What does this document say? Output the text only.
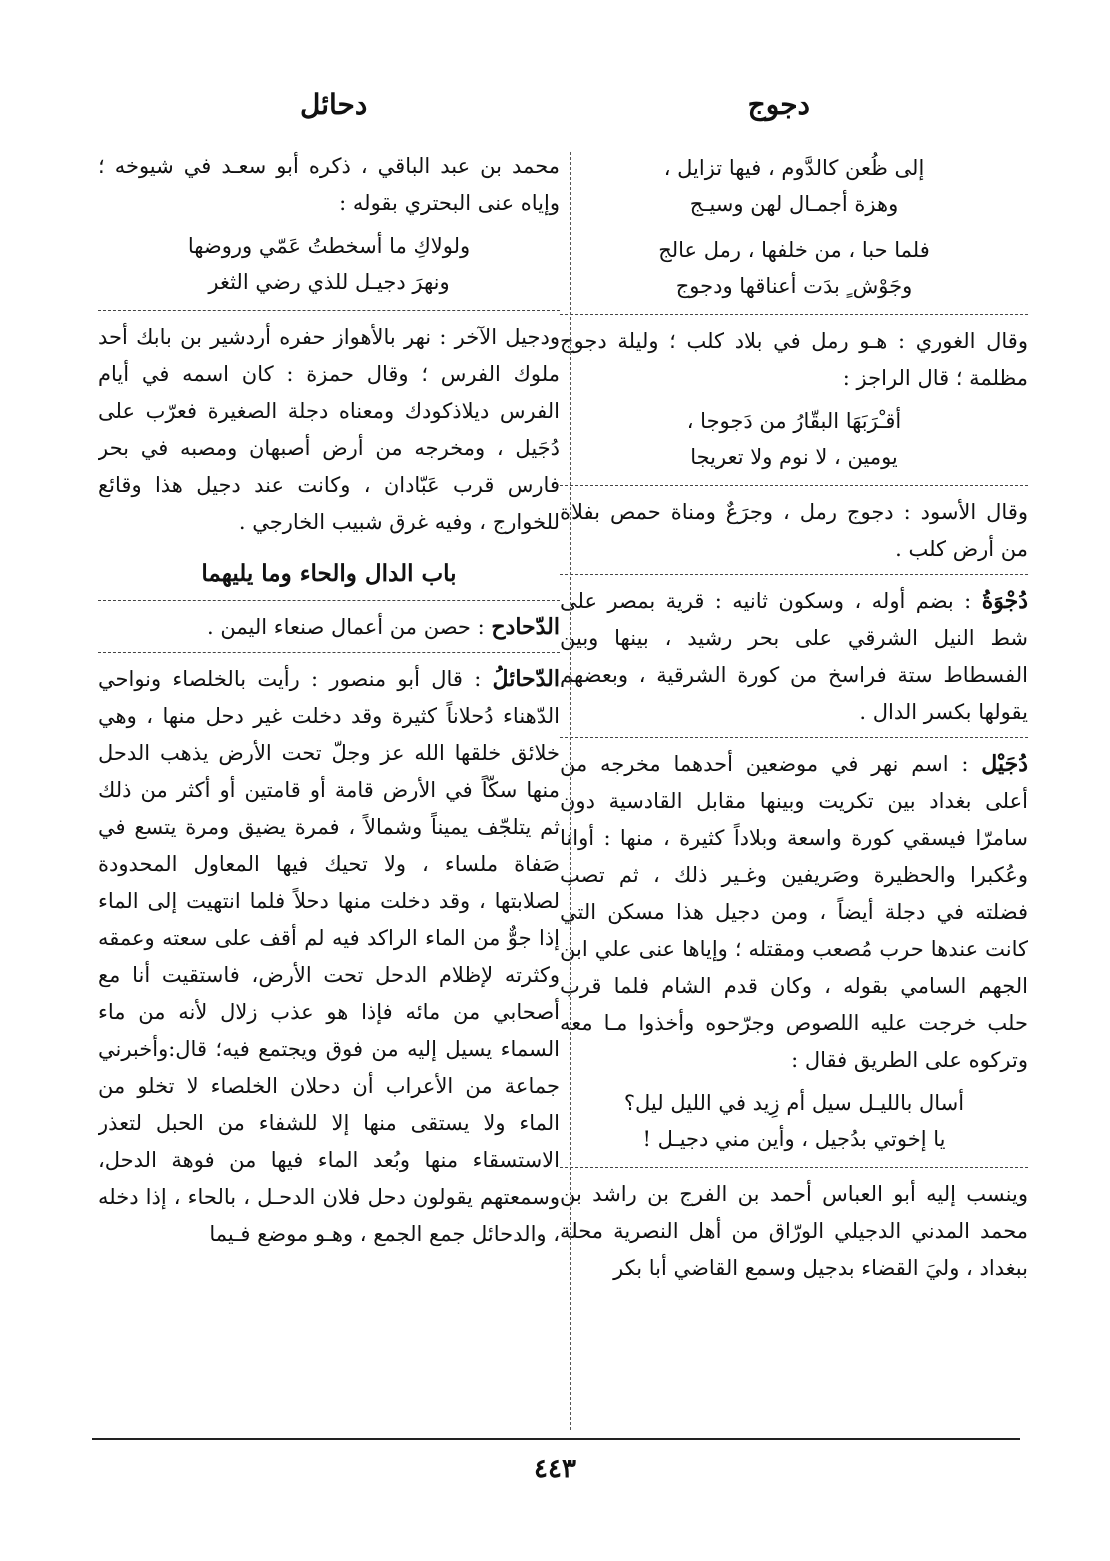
دجوج
دحائل
إلى ظُعن كالدَّوم ، فيها تزايل ،
وهزة أجمـال لهن وسيـج
فلما حبا ، من خلفها ، رمل عالج
وجَوْش ٍ بدَت أعناقها ودجوج

وقال الغوري : هـو رمل في بلاد كلب ؛ وليلة دجوج مظلمة ؛ قال الراجز :

أقـْرَبَهَا البقّارُ من دَجوجا ،
يومين ، لا نوم ولا تعريجا

وقال الأسود : دجوج رمل ، وجرَعٌ ومناة حمص بفلاة من أرض كلب .

دُجْوَةُ : بضم أوله ، وسكون ثانيه : قرية بمصر على شط النيل الشرقي على بحر رشيد ، بينها وبين الفسطاط ستة فراسخ من كورة الشرقية ، وبعضهم يقولها بكسر الدال .

دُجَيْل : اسم نهر في موضعين أحدهما مخرجه من أعلى بغداد بين تكريت وبينها مقابل القادسية دون سامرّا فيسقي كورة واسعة وبلاداً كثيرة ، منها : أوانا وعُكبرا والحظيرة وصَريفين وغـير ذلك ، ثم تصب فضلته في دجلة أيضاً ، ومن دجيل هذا مسكن التي كانت عندها حرب مُصعب ومقتله ؛ وإياها عنى علي ابن الجهم السامي بقوله ، وكان قدم الشام فلما قرب حلب خرجت عليه اللصوص وجرّحوه وأخذوا مـا معه وتركوه على الطريق فقال :

أسال بالليـل سيل أم زِيد في الليل ليل؟
يا إخوتي بدُجيل ، وأين مني دجيـل !

وينسب إليه أبو العباس أحمد بن الفرج بن راشد بن محمد المدني الدجيلي الورّاق من أهل النصرية محلة ببغداد ، وليَ القضاء بدجيل وسمع القاضي أبا بكر

محمد بن عبد الباقي ، ذكره أبو سعـد في شيوخه ؛ وإياه عنى البحتري بقوله :

ولولاكِ ما أسخطتُ عَمّي وروضها
ونهرَ دجيـل للذي رضي الثغر

ودجيل الآخر : نهر بالأهواز حفره أردشير بن بابك أحد ملوك الفرس ؛ وقال حمزة : كان اسمه في أيام الفرس ديلاذكودك ومعناه دجلة الصغيرة فعرّب على دُجَيل ، ومخرجه من أرض أصبهان ومصبه في بحر فارس قرب عَبّادان ، وكانت عند دجيل هذا وقائع للخوارج ، وفيه غرق شبيب الخارجي .

باب الدال والحاء وما يليهما

الدّحادح : حصن من أعمال صنعاء اليمن .

الدّحائلُ : قال أبو منصور : رأيت بالخلصاء ونواحي الدّهناء دُحلاناً كثيرة وقد دخلت غير دحل منها ، وهي خلائق خلقها الله عز وجلّ تحت الأرض يذهب الدحل منها سكّاً في الأرض قامة أو قامتين أو أكثر من ذلك ثم يتلجّف يميناً وشمالاً ، فمرة يضيق ومرة يتسع في صَفاة ملساء ، ولا تحيك فيها المعاول المحدودة لصلابتها ، وقد دخلت منها دحلاً فلما انتهيت إلى الماء إذا جوٌّ من الماء الراكد فيه لم أقف على سعته وعمقه وكثرته لإظلام الدحل تحت الأرض، فاستقيت أنا مع أصحابي من مائه فإذا هو عذب زلال لأنه من ماء السماء يسيل إليه من فوق ويجتمع فيه؛ قال:وأخبرني جماعة من الأعراب أن دحلان الخلصاء لا تخلو من الماء ولا يستقى منها إلا للشفاء من الحبل لتعذر الاستسقاء منها وبُعد الماء فيها من فوهة الدحل، وسمعتهم يقولون دحل فلان الدحـل ، بالحاء ، إذا دخله ، والدحائل جمع الجمع ، وهـو موضع فـيما

٤٤٣
